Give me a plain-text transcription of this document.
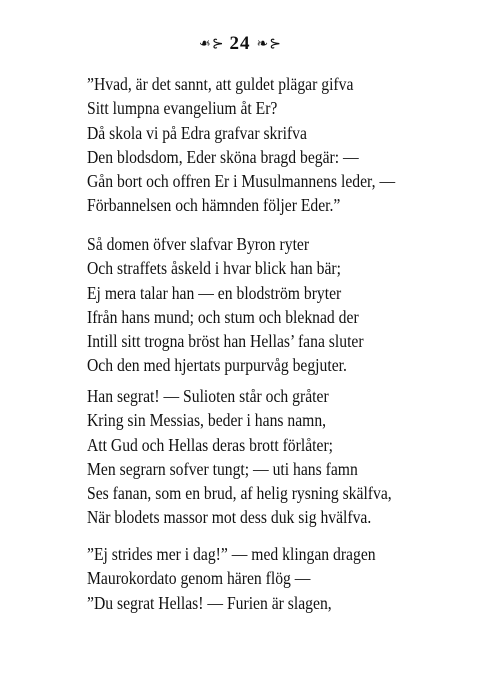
⊰❧ 24 ❧⊱
”Hvad, är det sannt, att guldet plägar gifva
Sitt lumpna evangelium åt Er?
Då skola vi på Edra grafvar skrifva
Den blodsdom, Eder sköna bragd begär: —
Gån bort och offren Er i Musulmannens leder, —
Förbannelsen och hämnden följer Eder.”
Så domen öfver slafvar Byron ryter
Och straffets åskeld i hvar blick han bär;
Ej mera talar han — en blodström bryter
Ifrån hans mund; och stum och bleknad der
Intill sitt trogna bröst han Hellas’ fana sluter
Och den med hjertats purpurvåg begjuter.
Han segrat! — Sulioten står och gråter
Kring sin Messias, beder i hans namn,
Att Gud och Hellas deras brott förlåter;
Men segrarn sofver tungt; — uti hans famn
Ses fanan, som en brud, af helig rysning skälfva,
När blodets massor mot dess duk sig hvälfva.
”Ej strides mer i dag!” — med klingan dragen
Maurokordato genom hären flög —
”Du segrat Hellas! — Furien är slagen,
